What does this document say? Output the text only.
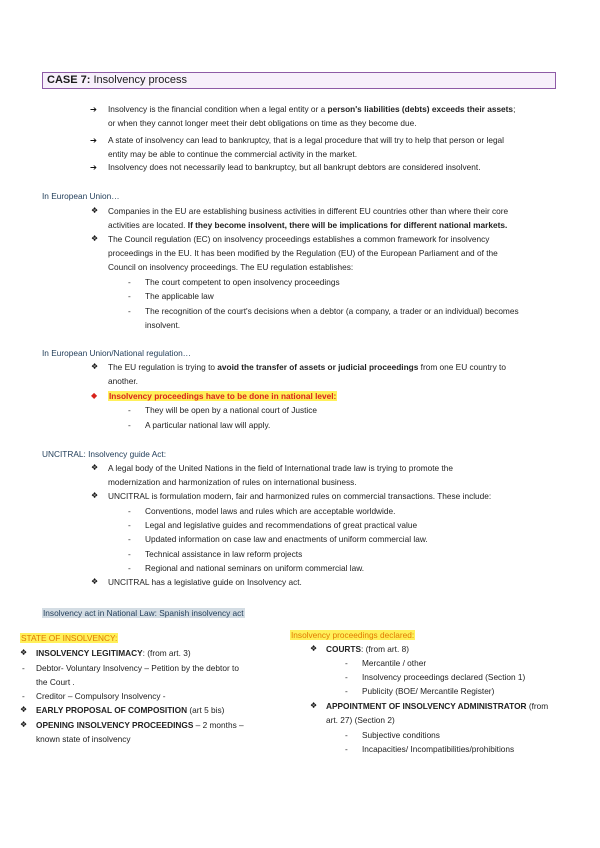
CASE 7: Insolvency process
➔ Insolvency is the financial condition when a legal entity or a person's liabilities (debts) exceeds their assets;
or when they cannot longer meet their debt obligations on time as they become due.
➔ A state of insolvency can lead to bankruptcy, that is a legal procedure that will try to help that person or legal
entity may be able to continue the commercial activity in the market.
➔ Insolvency does not necessarily lead to bankruptcy, but all bankrupt debtors are considered insolvent.
In European Union…
❖ Companies in the EU are establishing business activities in different EU countries other than where their core
activities are located. If they become insolvent, there will be implications for different national markets.
❖ The Council regulation (EC) on insolvency proceedings establishes a common framework for insolvency
proceedings in the EU. It has been modified by the Regulation (EU) of the European Parliament and of the
Council on insolvency proceedings. The EU regulation establishes:
- The court competent to open insolvency proceedings
- The applicable law
- The recognition of the court's decisions when a debtor (a company, a trader or an individual) becomes
insolvent.
In European Union/National regulation…
❖ The EU regulation is trying to avoid the transfer of assets or judicial proceedings from one EU country to
another.
◆ Insolvency proceedings have to be done in national level:
- They will be open by a national court of Justice
- A particular national law will apply.
UNCITRAL: Insolvency guide Act:
❖ A legal body of the United Nations in the field of International trade law is trying to promote the
modernization and harmonization of rules on international business.
❖ UNCITRAL is formulation modern, fair and harmonized rules on commercial transactions. These include:
- Conventions, model laws and rules which are acceptable worldwide.
- Legal and legislative guides and recommendations of great practical value
- Updated information on case law and enactments of uniform commercial law.
- Technical assistance in law reform projects
- Regional and national seminars on uniform commercial law.
❖ UNCITRAL has a legislative guide on Insolvency act.
Insolvency act in National Law: Spanish insolvency act
STATE OF INSOLVENCY:
❖ INSOLVENCY LEGITIMACY: (from art. 3)
- Debtor- Voluntary Insolvency – Petition by the debtor to
the Court .
- Creditor – Compulsory Insolvency -
❖ EARLY PROPOSAL OF COMPOSITION (art 5 bis)
❖ OPENING INSOLVENCY PROCEEDINGS – 2 months –
known state of insolvency
Insolvency proceedings declared:
❖ COURTS: (from art. 8)
- Mercantile / other
- Insolvency proceedings declared (Section 1)
- Publicity (BOE/ Mercantile Register)
❖ APPOINTMENT OF INSOLVENCY ADMINISTRATOR (from
art. 27) (Section 2)
- Subjective conditions
- Incapacities/ Incompatibilities/prohibitions
